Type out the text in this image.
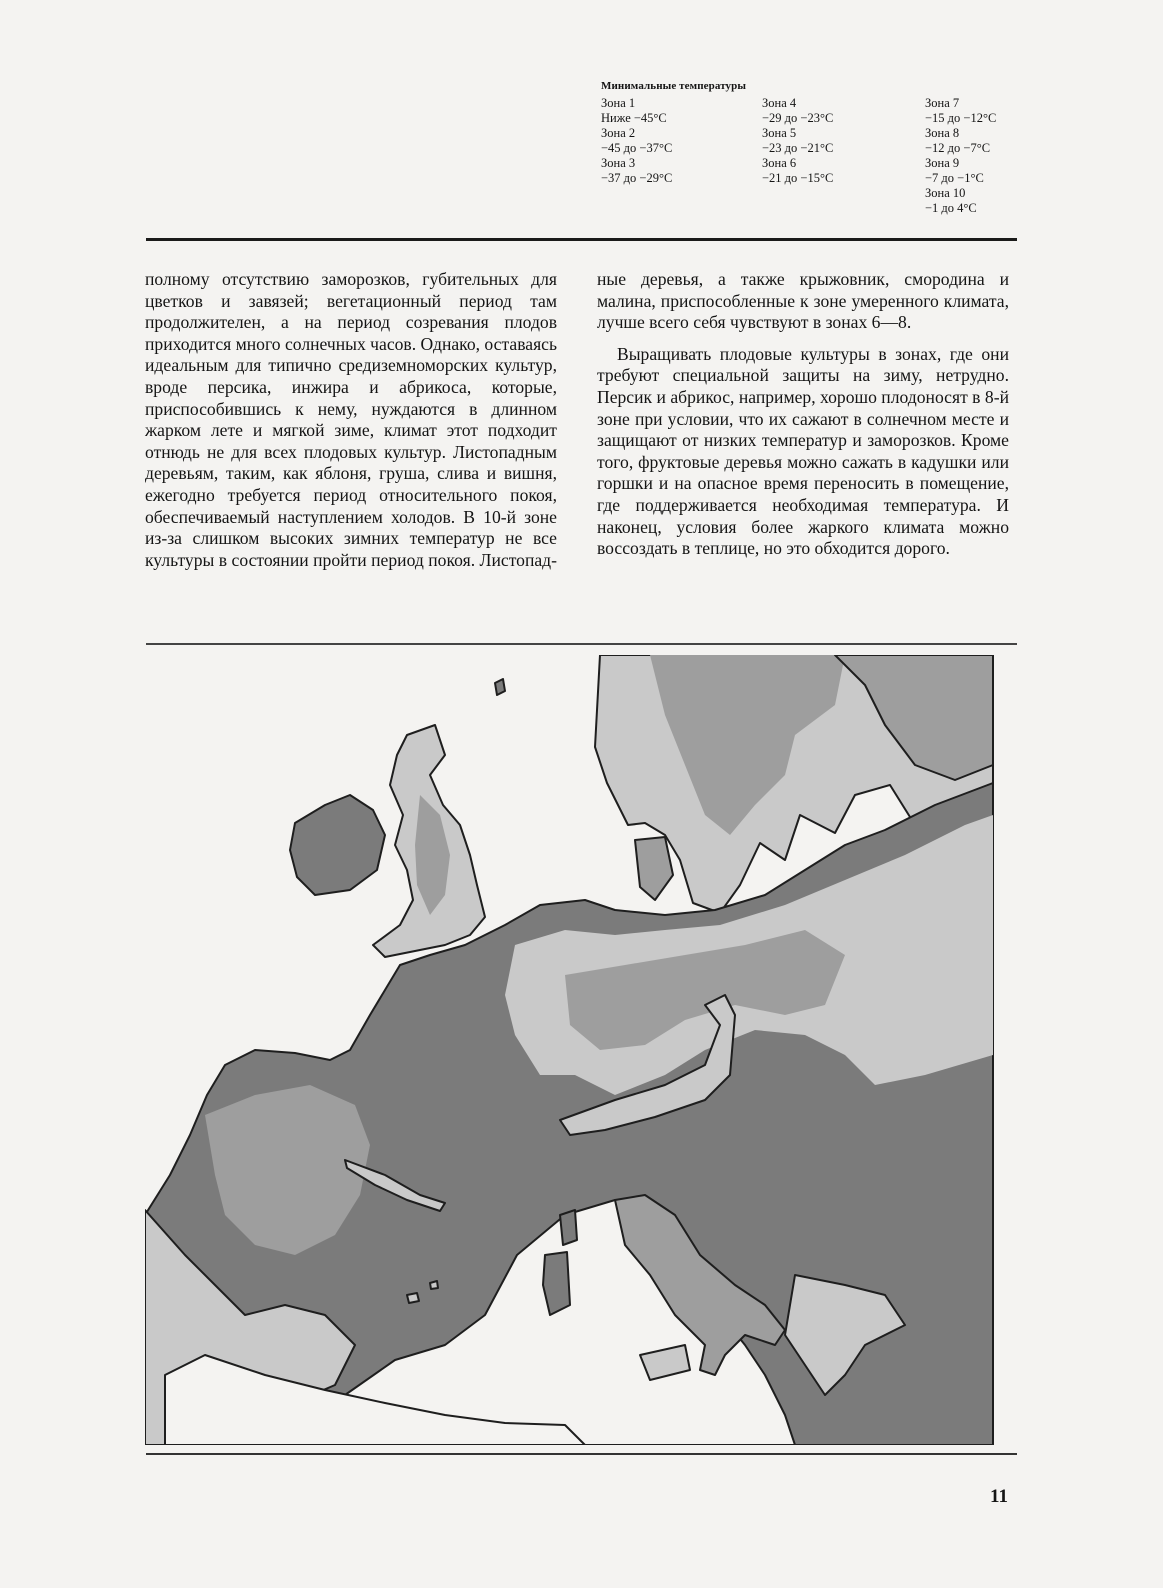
Минимальные температуры
Зона 1
Ниже −45°C
Зона 2
−45 до −37°C
Зона 3
−37 до −29°C
Зона 4
−29 до −23°C
Зона 5
−23 до −21°C
Зона 6
−21 до −15°C
Зона 7
−15 до −12°C
Зона 8
−12 до −7°C
Зона 9
−7 до −1°C
Зона 10
−1 до 4°C

полному отсутствию заморозков, губительных для цветков и завязей; вегетационный период там продолжителен, а на период созревания плодов приходится много солнечных часов. Однако, оставаясь идеальным для типично средиземноморских культур, вроде персика, инжира и абрикоса, которые, приспособившись к нему, нуждаются в длинном жарком лете и мягкой зиме, климат этот подходит отнюдь не для всех плодовых культур. Листопадным деревьям, таким, как яблоня, груша, слива и вишня, ежегодно требуется период относительного покоя, обеспечиваемый наступлением холодов. В 10-й зоне из-за слишком высоких зимних температур не все культуры в состоянии пройти период покоя. Листопад-

ные деревья, а также крыжовник, смородина и малина, приспособленные к зоне умеренного климата, лучше всего себя чувствуют в зонах 6—8.

Выращивать плодовые культуры в зонах, где они требуют специальной защиты на зиму, нетрудно. Персик и абрикос, например, хорошо плодоносят в 8-й зоне при условии, что их сажают в солнечном месте и защищают от низких температур и заморозков. Кроме того, фруктовые деревья можно сажать в кадушки или горшки и на опасное время переносить в помещение, где поддерживается необходимая температура. И наконец, условия более жаркого климата можно воссоздать в теплице, но это обходится дорого.

11
